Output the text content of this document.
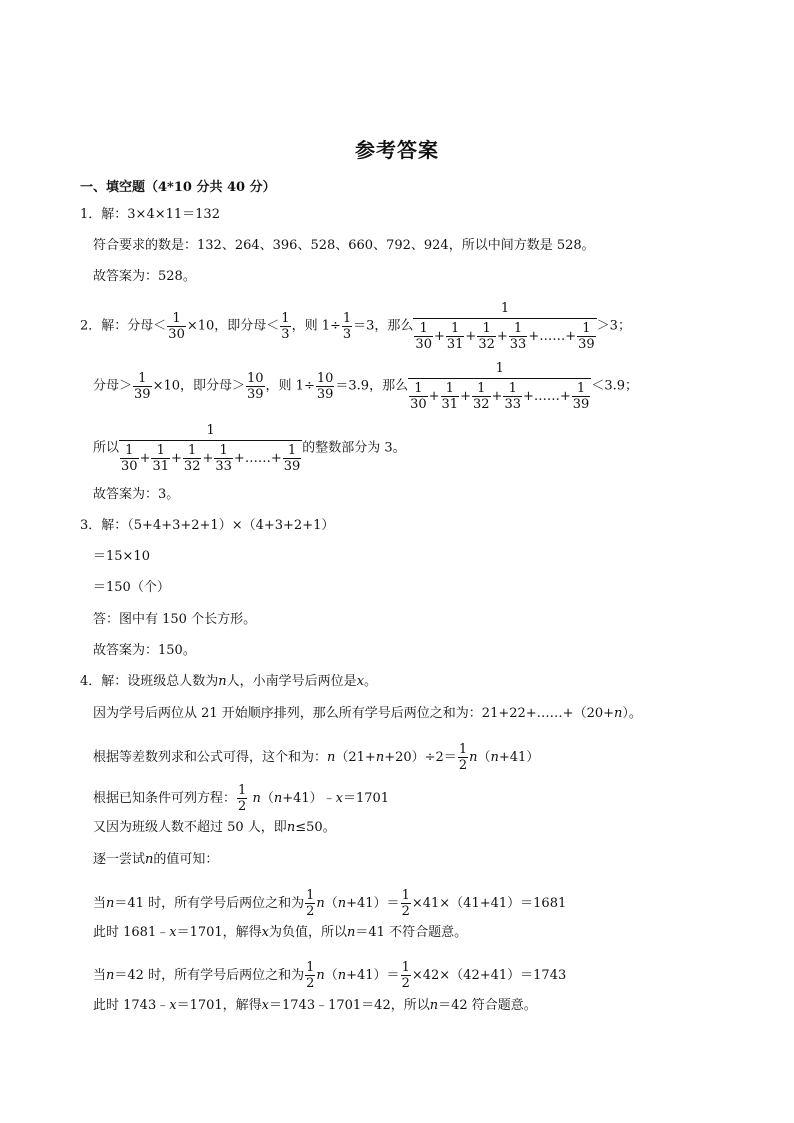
参考答案
一、填空题（4*10 分共 40 分）
1．解：3×4×11＝132
符合要求的数是：132、264、396、528、660、792、924，所以中间方数是 528。
故答案为：528。
2．解：分母＜ $\frac{1}{30} \times 10$，即分母＜ $\frac{1}{3}$ ，则 $1\div \frac{1}{3} =3$，那么 $\frac{1}{\frac{1}{30} + \frac{1}{31} + \frac{1}{32} + \frac{1}{33} +\dots\dots+ \frac{1}{39}} >3$；
分母＞ $\frac{1}{39} \times 10$，即分母＞ $\frac{10}{39}$ ，则 $1\div \frac{10}{39} =3.9$，那么 $\frac{1}{\frac{1}{30} + \frac{1}{31} + \frac{1}{32} + \frac{1}{33} +\dots\dots+ \frac{1}{39}} <3.9$；
所以 $\frac{1}{\frac{1}{30} + \frac{1}{31} + \frac{1}{32} + \frac{1}{33} +\dots\dots+ \frac{1}{39}}$ 的整数部分为 3。
故答案为：3。
3．解：（5+4+3+2+1）×（4+3+2+1）
＝15×10
＝150（个）
答：图中有 150 个长方形。
故答案为：150。
4．解：设班级总人数为n人，小南学号后两位是x。
因为学号后两位从 21 开始顺序排列，那么所有学号后两位之和为：21+22+……+（20+n）。
根据等差数列求和公式可得，这个和为：$n(21+n+20)\div 2= \frac{1}{2} n(n+41)$
根据已知条件可列方程： $\frac{1}{2}$ n（n+41）﹣x＝1701
又因为班级人数不超过 50 人，即n≤50。
逐一尝试n的值可知：
当n＝41 时，所有学号后两位之和为 $\frac{1}{2} n(n+41)= \frac{1}{2} \times 41\times(41+41)=1681$
此时 1681﹣x＝1701，解得x为负值，所以n＝41 不符合题意。
当n＝42 时，所有学号后两位之和为 $\frac{1}{2} n(n+41)= \frac{1}{2} \times 42\times(42+41)=1743$
此时 1743﹣x＝1701，解得x＝1743﹣1701＝42，所以n＝42 符合题意。
